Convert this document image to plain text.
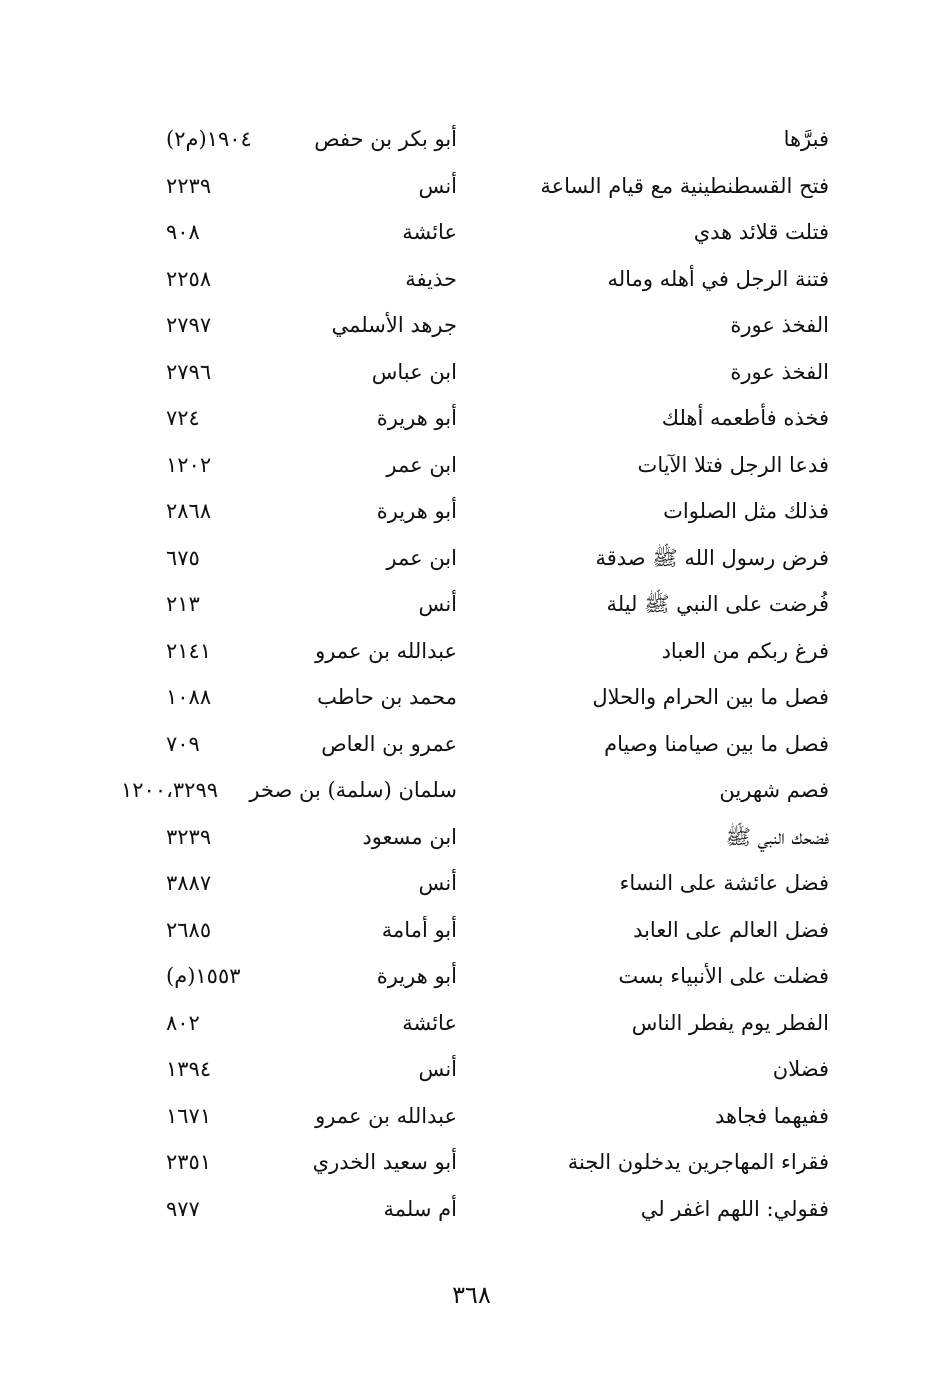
فبرَّها
أبو بكر بن حفص
١٩٠٤(م٢)
فتح القسطنطينية مع قيام الساعة
أنس
٢٢٣٩
فتلت قلائد هدي
عائشة
٩٠٨
فتنة الرجل في أهله وماله
حذيفة
٢٢٥٨
الفخذ عورة
جرهد الأسلمي
٢٧٩٧
الفخذ عورة
ابن عباس
٢٧٩٦
فخذه فأطعمه أهلك
أبو هريرة
٧٢٤
فدعا الرجل فتلا الآيات
ابن عمر
١٢٠٢
فذلك مثل الصلوات
أبو هريرة
٢٨٦٨
فرض رسول الله ﷺ صدقة
ابن عمر
٦٧٥
فُرضت على النبي ﷺ ليلة
أنس
٢١٣
فرغ ربكم من العباد
عبدالله بن عمرو
٢١٤١
فصل ما بين الحرام والحلال
محمد بن حاطب
١٠٨٨
فصل ما بين صيامنا وصيام
عمرو بن العاص
٧٠٩
فصم شهرين
سلمان (سلمة) بن صخر
١٢٠٠،٣٢٩٩
فضحك النبي ﷺ
ابن مسعود
٣٢٣٩
فضل عائشة على النساء
أنس
٣٨٨٧
فضل العالم على العابد
أبو أمامة
٢٦٨٥
فضلت على الأنبياء بست
أبو هريرة
١٥٥٣(م)
الفطر يوم يفطر الناس
عائشة
٨٠٢
فضلان
أنس
١٣٩٤
ففيهما فجاهد
عبدالله بن عمرو
١٦٧١
فقراء المهاجرين يدخلون الجنة
أبو سعيد الخدري
٢٣٥١
فقولي: اللهم اغفر لي
أم سلمة
٩٧٧
٣٦٨
